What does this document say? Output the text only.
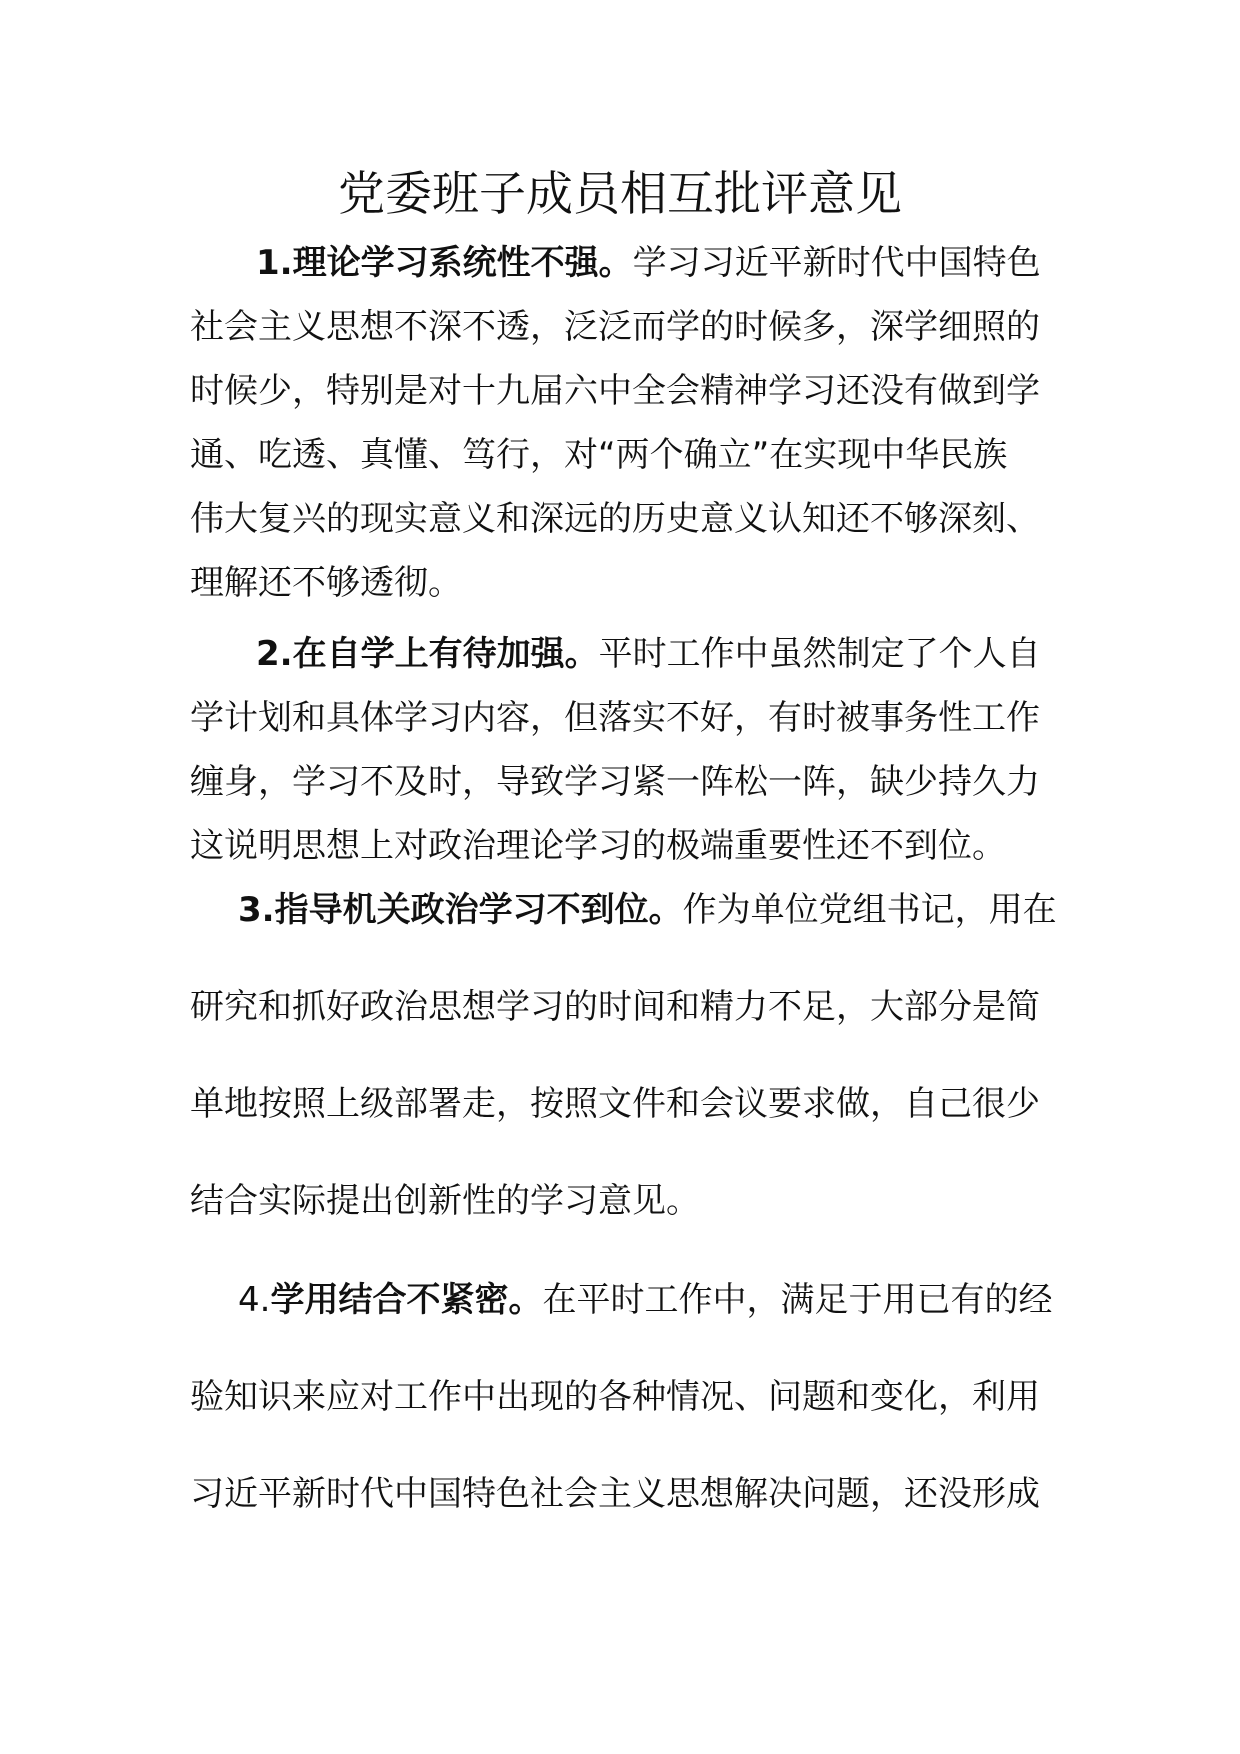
党委班子成员相互批评意见
1.理论学习系统性不强。学习习近平新时代中国特色
社会主义思想不深不透，泛泛而学的时候多，深学细照的
时候少，特别是对十九届六中全会精神学习还没有做到学
通、吃透、真懂、笃行，对“两个确立”在实现中华民族
伟大复兴的现实意义和深远的历史意义认知还不够深刻、
理解还不够透彻。
2.在自学上有待加强。平时工作中虽然制定了个人自
学计划和具体学习内容，但落实不好，有时被事务性工作
缠身，学习不及时，导致学习紧一阵松一阵，缺少持久力
这说明思想上对政治理论学习的极端重要性还不到位。
3.指导机关政治学习不到位。作为单位党组书记，用在
研究和抓好政治思想学习的时间和精力不足，大部分是简
单地按照上级部署走，按照文件和会议要求做，自己很少
结合实际提出创新性的学习意见。
4.学用结合不紧密。在平时工作中，满足于用已有的经
验知识来应对工作中出现的各种情况、问题和变化，利用
习近平新时代中国特色社会主义思想解决问题，还没形成
